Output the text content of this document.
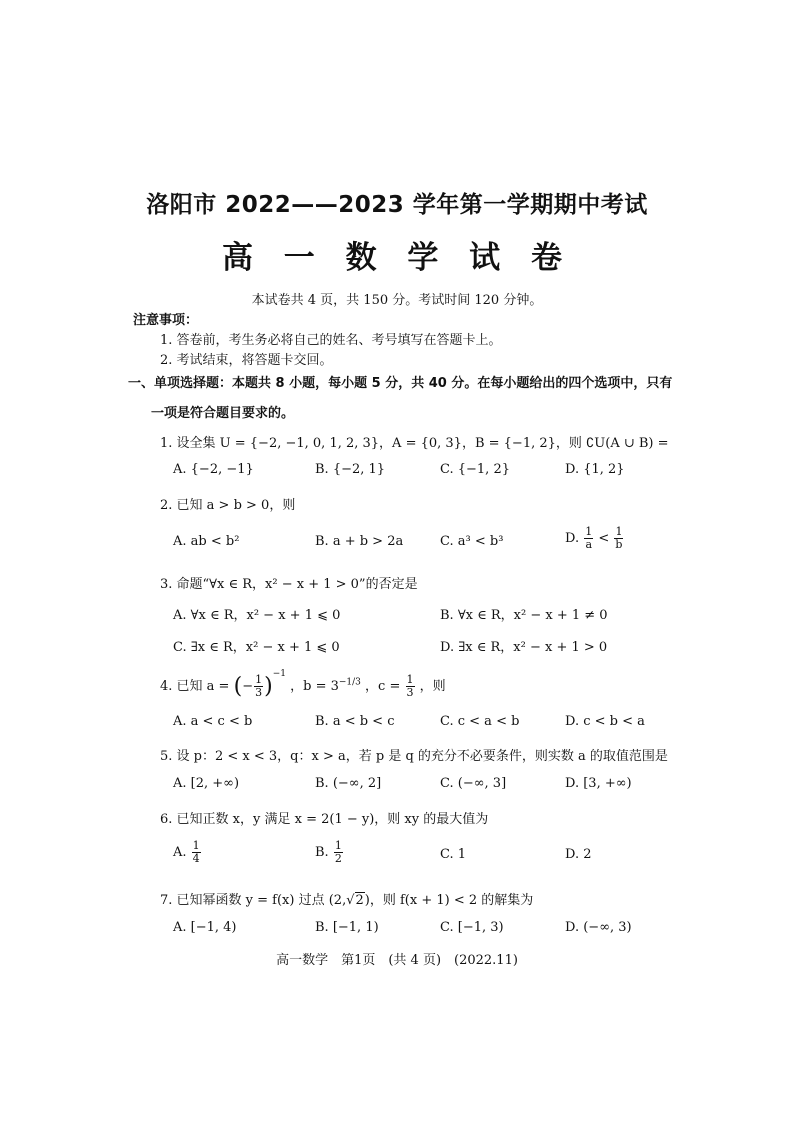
洛阳市 2022——2023 学年第一学期期中考试
高 一 数 学 试 卷
本试卷共 4 页，共 150 分。考试时间 120 分钟。
注意事项：
1. 答卷前，考生务必将自己的姓名、考号填写在答题卡上。
2. 考试结束，将答题卡交回。
一、单项选择题：本题共 8 小题，每小题 5 分，共 40 分。在每小题给出的四个选项中，只有
一项是符合题目要求的。
1. 设全集 U = {−2, −1, 0, 1, 2, 3}，A = {0, 3}，B = {−1, 2}，则 ∁U(A ∪ B) =
A. {−2, −1}	B. {−2, 1}	C. {−1, 2}	D. {1, 2}
2. 已知 a > b > 0，则
A. ab < b²	B. a + b > 2a	C. a³ < b³	D. $\frac{1}{a} < \frac{1}{b}$
3. 命题“∀x ∈ R，x² − x + 1 > 0”的否定是
A. ∀x ∈ R，x² − x + 1 ⩽ 0	B. ∀x ∈ R，x² − x + 1 ≠ 0
C. ∃x ∈ R，x² − x + 1 ⩽ 0	D. ∃x ∈ R，x² − x + 1 > 0
4. 已知 a = (− $\frac{1}{3} )^{-1}$ ，$b = 3^{-1/3}$ ，$c = \frac{1}{3}$ ，则
A. a < c < b	B. a < b < c	C. c < a < b	D. c < b < a
5. 设 p：2 < x < 3，q：x > a，若 p 是 q 的充分不必要条件，则实数 a 的取值范围是
A. [2, +∞)	B. (−∞, 2]	C. (−∞, 3]	D. [3, +∞)
6. 已知正数 x，y 满足 x = 2(1 − y)，则 xy 的最大值为
A. $\frac{1}{4}$	B. $\frac{1}{2}$	C. 1	D. 2
7. 已知幂函数 y = f(x) 过点 (2,√2)，则 f(x + 1) < 2 的解集为
A. [−1, 4)	B. [−1, 1)	C. [−1, 3)	D. (−∞, 3)
高一数学　第1页　(共 4 页)　(2022.11)
